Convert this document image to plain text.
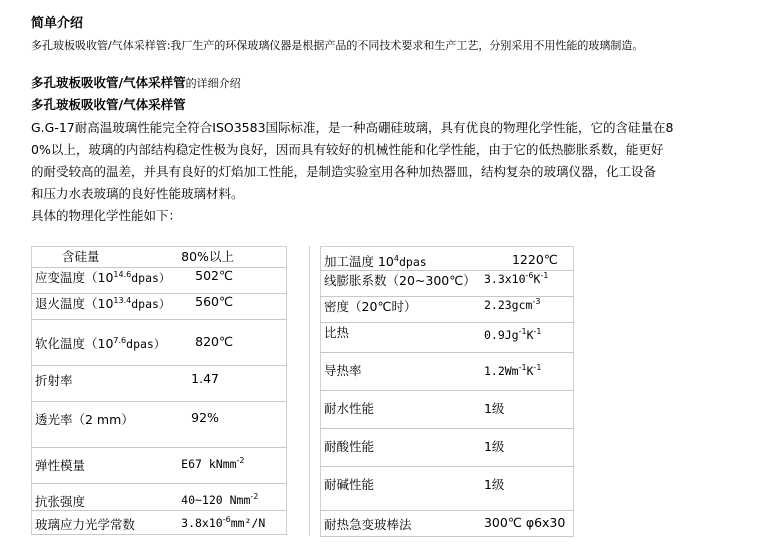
简单介绍
多孔玻板吸收管/气体采样管:我厂生产的环保玻璃仪器是根据产品的不同技术要求和生产工艺，分别采用不用性能的玻璃制造。
多孔玻板吸收管/气体采样管的详细介绍
多孔玻板吸收管/气体采样管

G.G-17耐高温玻璃性能完全符合ISO3583国际标准，是一种高硼硅玻璃，具有优良的物理化学性能，它的含硅量在8

0%以上，玻璃的内部结构稳定性极为良好，因而具有较好的机械性能和化学性能，由于它的低热膨胀系数，能更好

的耐受较高的温差，并具有良好的灯焰加工性能，是制造实验室用各种加热器皿，结构复杂的玻璃仪器，化工设备

和压力水表玻璃的良好性能玻璃材料。

具体的物理化学性能如下：

含硅量	80%以上
应变温度$(10^{14.6}dpas)$	502℃
退火温度$(10^{13.4}dpas)$	560℃
软化温度$(10^{7.6}dpas)$	820℃
折射率	1.47
透光率（2 mm）	92%
弹性模量	E67 kNmm$^{-2}$
抗张强度	40~120 Nmm$^{-2}$
玻璃应力光学常数	$3.8x10^{-6}mm^2/N$
加工温度 $10^4dpas$	1220℃
线膨胀系数（20~300℃）	$3.3x10^{-6}K^{-1}$
密度（20℃时）	2.23gcm$^{-3}$
比热	$0.9Jg^{-1}K^{-1}$
导热率	$1.2Wm^{-1}K^{-1}$
耐水性能	1级
耐酸性能	1级
耐碱性能	1级
耐热急变玻棒法	300℃ φ6x30
